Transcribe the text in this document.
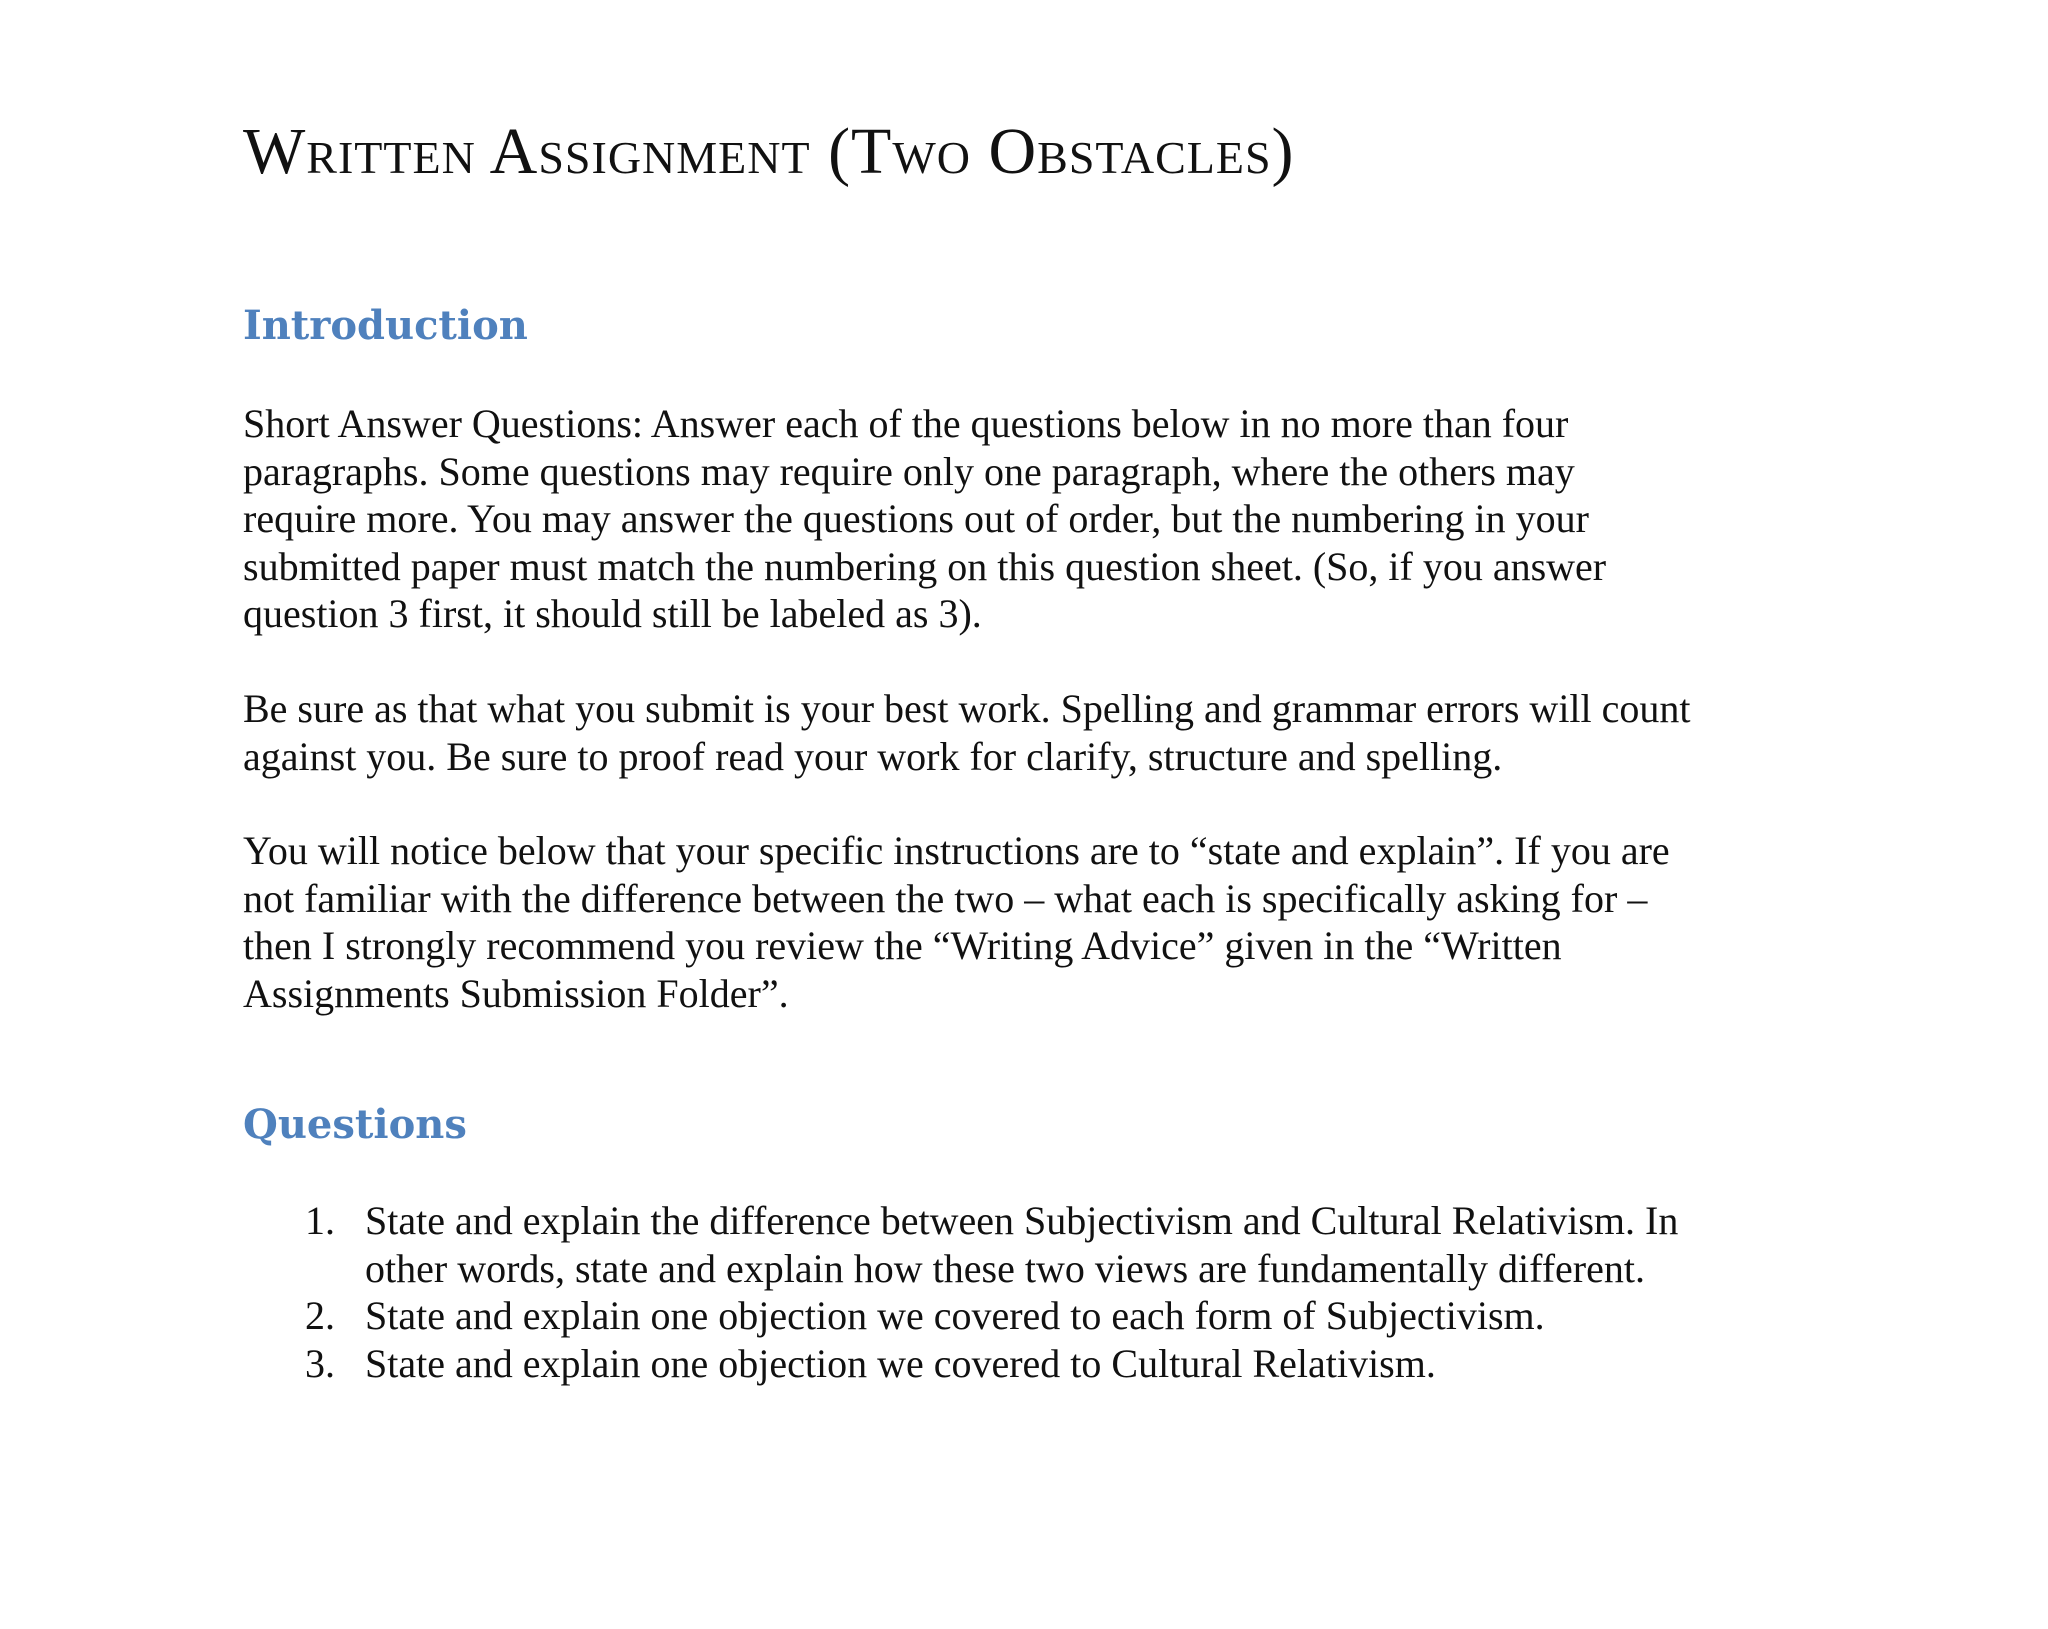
Written Assignment (Two Obstacles)
Introduction

Short Answer Questions: Answer each of the questions below in no more than four
paragraphs. Some questions may require only one paragraph, where the others may
require more. You may answer the questions out of order, but the numbering in your
submitted paper must match the numbering on this question sheet. (So, if you answer
question 3 first, it should still be labeled as 3).

Be sure as that what you submit is your best work. Spelling and grammar errors will count
against you. Be sure to proof read your work for clarify, structure and spelling.

You will notice below that your specific instructions are to “state and explain”. If you are
not familiar with the difference between the two – what each is specifically asking for –
then I strongly recommend you review the “Writing Advice” given in the “Written
Assignments Submission Folder”.

Questions
1. State and explain the difference between Subjectivism and Cultural Relativism. In
other words, state and explain how these two views are fundamentally different.
2. State and explain one objection we covered to each form of Subjectivism.
3. State and explain one objection we covered to Cultural Relativism.
